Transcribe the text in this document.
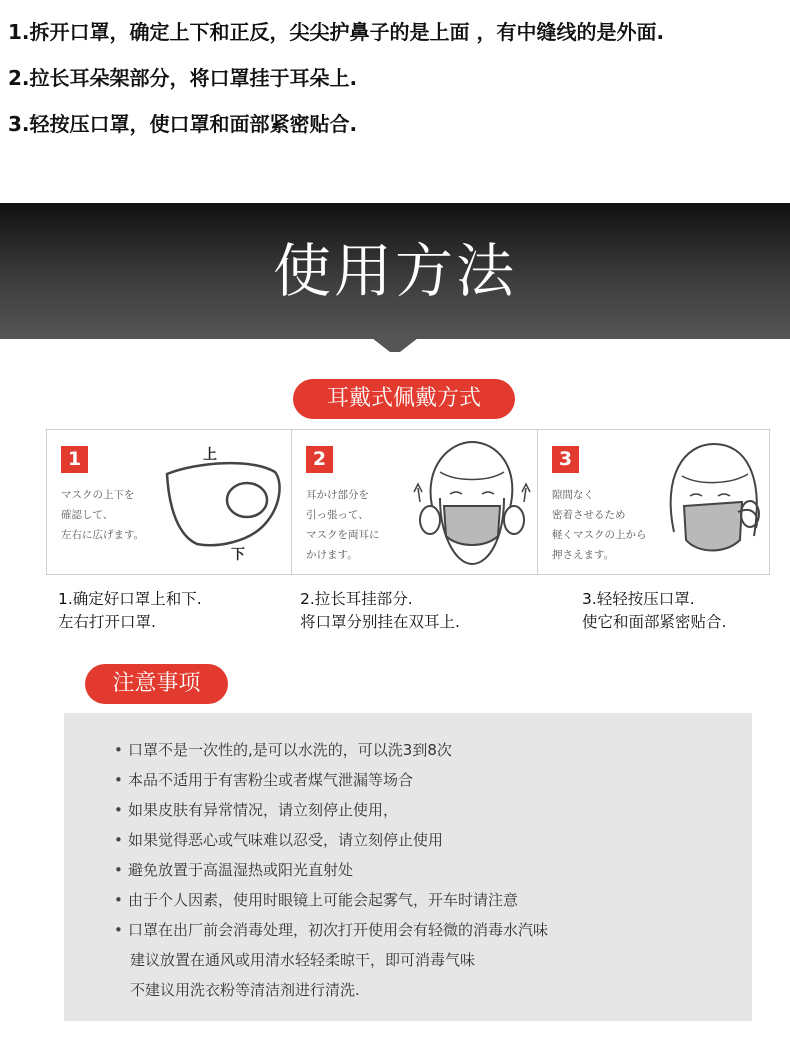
1.拆开口罩，确定上下和正反，尖尖护鼻子的是上面 ，有中缝线的是外面.

2.拉长耳朵架部分，将口罩挂于耳朵上.

3.轻按压口罩，使口罩和面部紧密贴合.

使用方法
耳戴式佩戴方式
1
マスクの上下を
確認して、
左右に広げます。
上
下
2
耳かけ部分を
引っ張って、
マスクを両耳に
かけます。
3
隙間なく
密着させるため
軽くマスクの上から
押さえます。
1.确定好口罩上和下.
左右打开口罩.
2.拉长耳挂部分.
将口罩分别挂在双耳上.
3.轻轻按压口罩.
使它和面部紧密贴合.
注意事项
• 口罩不是一次性的,是可以水洗的，可以洗3到8次
• 本品不适用于有害粉尘或者煤气泄漏等场合
• 如果皮肤有异常情况，请立刻停止使用，
• 如果觉得恶心或气味难以忍受，请立刻停止使用
• 避免放置于高温湿热或阳光直射处
• 由于个人因素，使用时眼镜上可能会起雾气，开车时请注意
• 口罩在出厂前会消毒处理，初次打开使用会有轻微的消毒水汽味
建议放置在通风或用清水轻轻柔晾干，即可消毒气味
不建议用洗衣粉等清洁剂进行清洗.
